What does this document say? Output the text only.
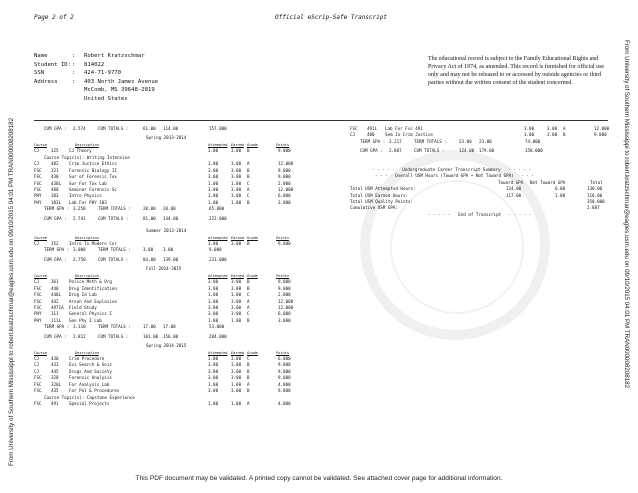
Page 2 of 2	Official eScrip-Safe Transcript
From University of Southern Mississippi to robert.kratzschmar@eagles.usm.edu on 09/10/2015 04:01 PM TRAN000008208182	From University of Southern Mississippi to robert.kratzschmar@eagles.usm.edu on 09/10/2015 04:01 PM TRAN000008208182
Name	:	Robert Kratzschmar
Student ID: :	814022
SSN	:	424-71-9770
Address	:	403 North James Avenue
McComb, MS 39648-2819
United States
The educational record is subject to the Family Educational Rights and Privacy Act of 1974, as amended. This record is furnished for official use only and may not be released to or accessed by outside agencies or third parties without the written consent of the student concerned.
CUM GPA : 2.574	CUM TOTALS :	61.00 114.00	157.000
Spring 2013-2014
Course	Description	Attempted Earned Grade	Points
CJ	325 CJ Theory	3.00	3.00 B	9.000
Course Topic(s): Writing Intensive
CJ	482 Crim Justice Ethics	3.00	3.00 A	12.000
FSC 321 Forensic Biology II	3.00	3.00 B	9.000
FSC 430 Sur of Forensic Tox	3.00	3.00 B	9.000
FSC 430L Sur For Tox Lab	1.00	1.00 C	2.000
FSC 480 Seminar Forensic Sc	3.00	3.00 A	12.000
PHY 103 Intro Physics	3.00	3.00 C	6.000
PHY 103L Lab For PHY 103	1.00	1.00 B	3.000
TERM GPA : 3.250	TERM TOTALS :	20.00 20.00	65.000
CUM GPA : 2.741	CUM TOTALS :	81.00 134.00	222.000
Summer 2013-2014
Course	Description	Attempted Earned Grade	Points
CJ	352 Intro To Modern Cor	3.00	3.00 B	9.000
TERM GPA : 3.000	TERM TOTALS :	3.00 3.00	9.000
CUM GPA : 2.750	CUM TOTALS :	84.00 139.00	231.000
Fall 2014-2015
Course	Description	Attempted Earned Grade	Points
CJ	361 Police Meth & Org	3.00	3.00 B	9.000
FSC 440 Drug Identification	3.00	3.00 B	9.000
FSC 440L Drug Id Lab	1.00	1.00 C	2.000
FSC 442 Arson And Explosive	3.00	3.00 A	12.000
FSC 497IA Field Study	3.00	3.00 A	12.000
PHY 111 General Physics I	3.00	3.00 C	6.000
PHY 111L Gen Phy I Lab	1.00	1.00 B	3.000
TERM GPA : 3.118	TERM TOTALS :	17.00 17.00	53.000
CUM GPA : 2.812	CUM TOTALS :	101.00 156.00	284.000
Spring 2014-2015
Course	Description	Attempted Earned Grade	Points
CJ	430 Crim Procedure	3.00	3.00 C	6.000
CJ	433 Evi Search & Seiz	3.00	3.00 B	9.000
CJ	445 Drugs And Society	3.00	3.00 B	9.000
FSC 320 Forensic Analysis	3.00	3.00 B	9.000
FSC 320L For Analysis Lab	1.00	1.00 A	4.000
FSC 435 For Pol & Procedures	3.00	3.00 B	9.000
Course Topic(s): Capstone Experience
FSC 491 Special Projects	1.00	1.00 A	4.000
FSC 491L Lab For Fsc 491	3.00	3.00 A	12.000
CJ	480 Sem In Crim Justice	3.00	3.00 B	9.000
TERM GPA : 3.217	TERM TOTALS :	23.00 23.00	74.000
CUM GPA : 2.887	CUM TOTALS :	124.00 179.00	358.000
- - - - -   Undergraduate Career Transcript Summary   - - - - -
- - -   Overall USM Hours (Toward GPA + Not Toward GPA)   - - -
Toward GPA Not Toward GPA	Total
Total USM Attempted Hours:	124.00	6.00	130.00
Total USM Earned Hours:	117.00	1.00	118.00
Total USM Quality Points:	358.000
Cumulative USM GPA:	2.887
- - - - -   End of Transcript   - - - - -
This PDF document may be validated. A printed copy cannot be validated. See attached cover page for additional information.
